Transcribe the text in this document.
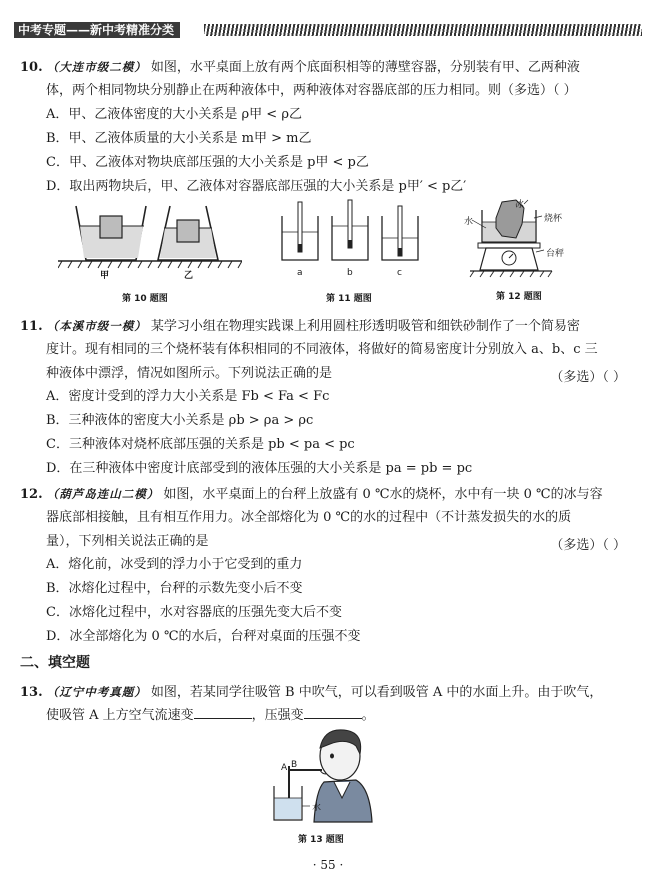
中考专题——新中考精准分类
10. （大连市级二模） 如图，水平桌面上放有两个底面积相等的薄壁容器，分别装有甲、乙两种液
体，两个相同物块分别静止在两种液体中，两种液体对容器底部的压力相同。则（多选）（ ）
A．甲、乙液体密度的大小关系是 ρ甲 < ρ乙
B．甲、乙液体质量的大小关系是 m甲 > m乙
C．甲、乙液体对物块底部压强的大小关系是 p甲 < p乙
D．取出两物块后，甲、乙液体对容器底部压强的大小关系是 p甲′ < p乙′
甲	乙
第 10 题图
a	b	c
第 11 题图
冰
水	烧杯
台秤
第 12 题图
11. （本溪市级一模） 某学习小组在物理实践课上利用圆柱形透明吸管和细铁砂制作了一个简易密
度计。现有相同的三个烧杯装有体积相同的不同液体，将做好的简易密度计分别放入 a、b、c 三
种液体中漂浮，情况如图所示。下列说法正确的是	（多选）（ ）
A．密度计受到的浮力大小关系是 Fb < Fa < Fc
B．三种液体的密度大小关系是 ρb > ρa > ρc
C．三种液体对烧杯底部压强的关系是 pb < pa < pc
D．在三种液体中密度计底部受到的液体压强的大小关系是 pa = pb = pc
12. （葫芦岛连山二模） 如图，水平桌面上的台秤上放盛有 0 ℃水的烧杯，水中有一块 0 ℃的冰与容
器底部相接触，且有相互作用力。冰全部熔化为 0 ℃的水的过程中（不计蒸发损失的水的质
量），下列相关说法正确的是	（多选）（ ）
A．熔化前，冰受到的浮力小于它受到的重力
B．冰熔化过程中，台秤的示数先变小后不变
C．冰熔化过程中，水对容器底的压强先变大后不变
D．冰全部熔化为 0 ℃的水后，台秤对桌面的压强不变
二、填空题
13. （辽宁中考真题） 如图，若某同学往吸管 B 中吹气，可以看到吸管 A 中的水面上升。由于吹气，
使吸管 A 上方空气流速变	，压强变	。
A B
水
第 13 题图
· 55 ·
